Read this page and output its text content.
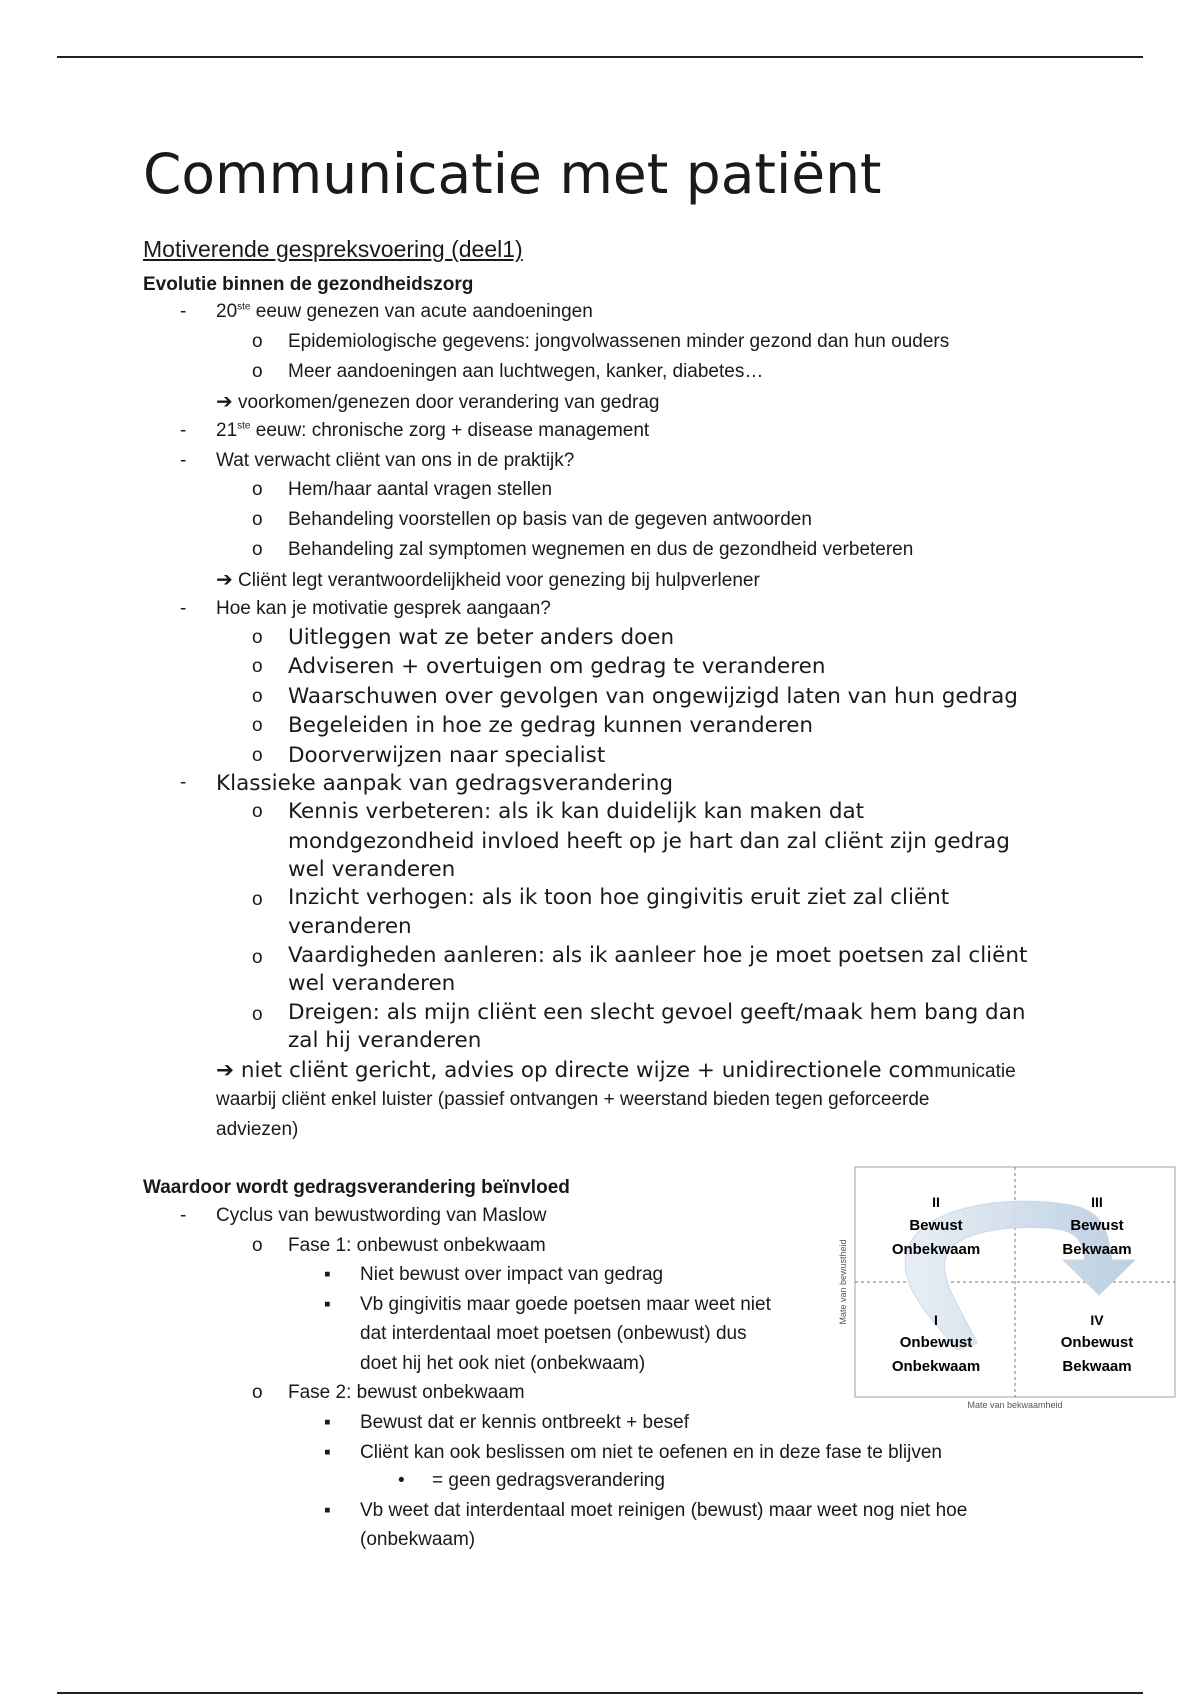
Communicatie met patiënt
Motiverende gespreksvoering (deel1)
Evolutie binnen de gezondheidszorg
- 20ste eeuw genezen van acute aandoeningen
o Epidemiologische gegevens: jongvolwassenen minder gezond dan hun ouders
o Meer aandoeningen aan luchtwegen, kanker, diabetes…
➔ voorkomen/genezen door verandering van gedrag
- 21ste eeuw: chronische zorg + disease management
- Wat verwacht cliënt van ons in de praktijk?
o Hem/haar aantal vragen stellen
o Behandeling voorstellen op basis van de gegeven antwoorden
o Behandeling zal symptomen wegnemen en dus de gezondheid verbeteren
➔ Cliënt legt verantwoordelijkheid voor genezing bij hulpverlener
- Hoe kan je motivatie gesprek aangaan?
o Uitleggen wat ze beter anders doen
o Adviseren + overtuigen om gedrag te veranderen
o Waarschuwen over gevolgen van ongewijzigd laten van hun gedrag
o Begeleiden in hoe ze gedrag kunnen veranderen
o Doorverwijzen naar specialist
- Klassieke aanpak van gedragsverandering
o Kennis verbeteren: als ik kan duidelijk kan maken dat
mondgezondheid invloed heeft op je hart dan zal cliënt zijn gedrag
wel veranderen
o Inzicht verhogen: als ik toon hoe gingivitis eruit ziet zal cliënt
veranderen
o Vaardigheden aanleren: als ik aanleer hoe je moet poetsen zal cliënt
wel veranderen
o Dreigen: als mijn cliënt een slecht gevoel geeft/maak hem bang dan
zal hij veranderen
➔ niet cliënt gericht, advies op directe wijze + unidirectionele communicatie
waarbij cliënt enkel luister (passief ontvangen + weerstand bieden tegen geforceerde
adviezen)
Waardoor wordt gedragsverandering beïnvloed
- Cyclus van bewustwording van Maslow
o Fase 1: onbewust onbekwaam
▪ Niet bewust over impact van gedrag
▪ Vb gingivitis maar goede poetsen maar weet niet
dat interdentaal moet poetsen (onbewust) dus
doet hij het ook niet (onbekwaam)
o Fase 2: bewust onbekwaam
▪ Bewust dat er kennis ontbreekt + besef
▪ Cliënt kan ook beslissen om niet te oefenen en in deze fase te blijven
• = geen gedragsverandering
▪ Vb weet dat interdentaal moet reinigen (bewust) maar weet nog niet hoe
(onbekwaam)
II
Bewust
Onbekwaam
III
Bewust
Bekwaam
I
Onbewust
Onbekwaam
IV
Onbewust
Bekwaam
Mate van bewustheid
Mate van bekwaamheid
